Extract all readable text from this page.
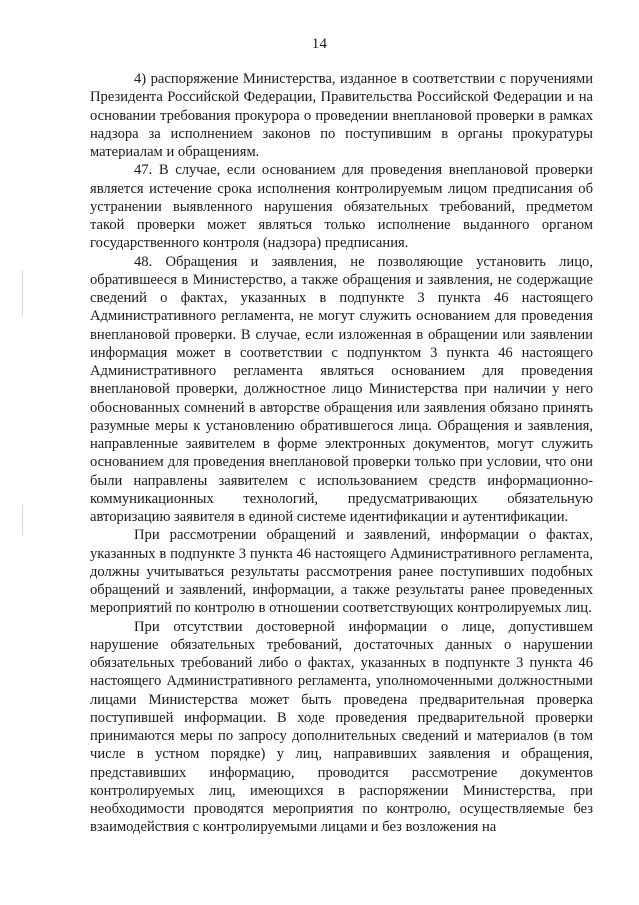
14

4) распоряжение Министерства, изданное в соответствии с поручениями Президента Российской Федерации, Правительства Российской Федерации и на основании требования прокурора о проведении внеплановой проверки в рамках надзора за исполнением законов по поступившим в органы прокуратуры материалам и обращениям.

47. В случае, если основанием для проведения внеплановой проверки является истечение срока исполнения контролируемым лицом предписания об устранении выявленного нарушения обязательных требований, предметом такой проверки может являться только исполнение выданного органом государственного контроля (надзора) предписания.

48. Обращения и заявления, не позволяющие установить лицо, обратившееся в Министерство, а также обращения и заявления, не содержащие сведений о фактах, указанных в подпункте 3 пункта 46 настоящего Административного регламента, не могут служить основанием для проведения внеплановой проверки. В случае, если изложенная в обращении или заявлении информация может в соответствии с подпунктом 3 пункта 46 настоящего Административного регламента являться основанием для проведения внеплановой проверки, должностное лицо Министерства при наличии у него обоснованных сомнений в авторстве обращения или заявления обязано принять разумные меры к установлению обратившегося лица. Обращения и заявления, направленные заявителем в форме электронных документов, могут служить основанием для проведения внеплановой проверки только при условии, что они были направлены заявителем с использованием средств информационно-коммуникационных технологий, предусматривающих обязательную авторизацию заявителя в единой системе идентификации и аутентификации.

При рассмотрении обращений и заявлений, информации о фактах, указанных в подпункте 3 пункта 46 настоящего Административного регламента, должны учитываться результаты рассмотрения ранее поступивших подобных обращений и заявлений, информации, а также результаты ранее проведенных мероприятий по контролю в отношении соответствующих контролируемых лиц.

При отсутствии достоверной информации о лице, допустившем нарушение обязательных требований, достаточных данных о нарушении обязательных требований либо о фактах, указанных в подпункте 3 пункта 46 настоящего Административного регламента, уполномоченными должностными лицами Министерства может быть проведена предварительная проверка поступившей информации. В ходе проведения предварительной проверки принимаются меры по запросу дополнительных сведений и материалов (в том числе в устном порядке) у лиц, направивших заявления и обращения, представивших информацию, проводится рассмотрение документов контролируемых лиц, имеющихся в распоряжении Министерства, при необходимости проводятся мероприятия по контролю, осуществляемые без взаимодействия с контролируемыми лицами и без возложения на
